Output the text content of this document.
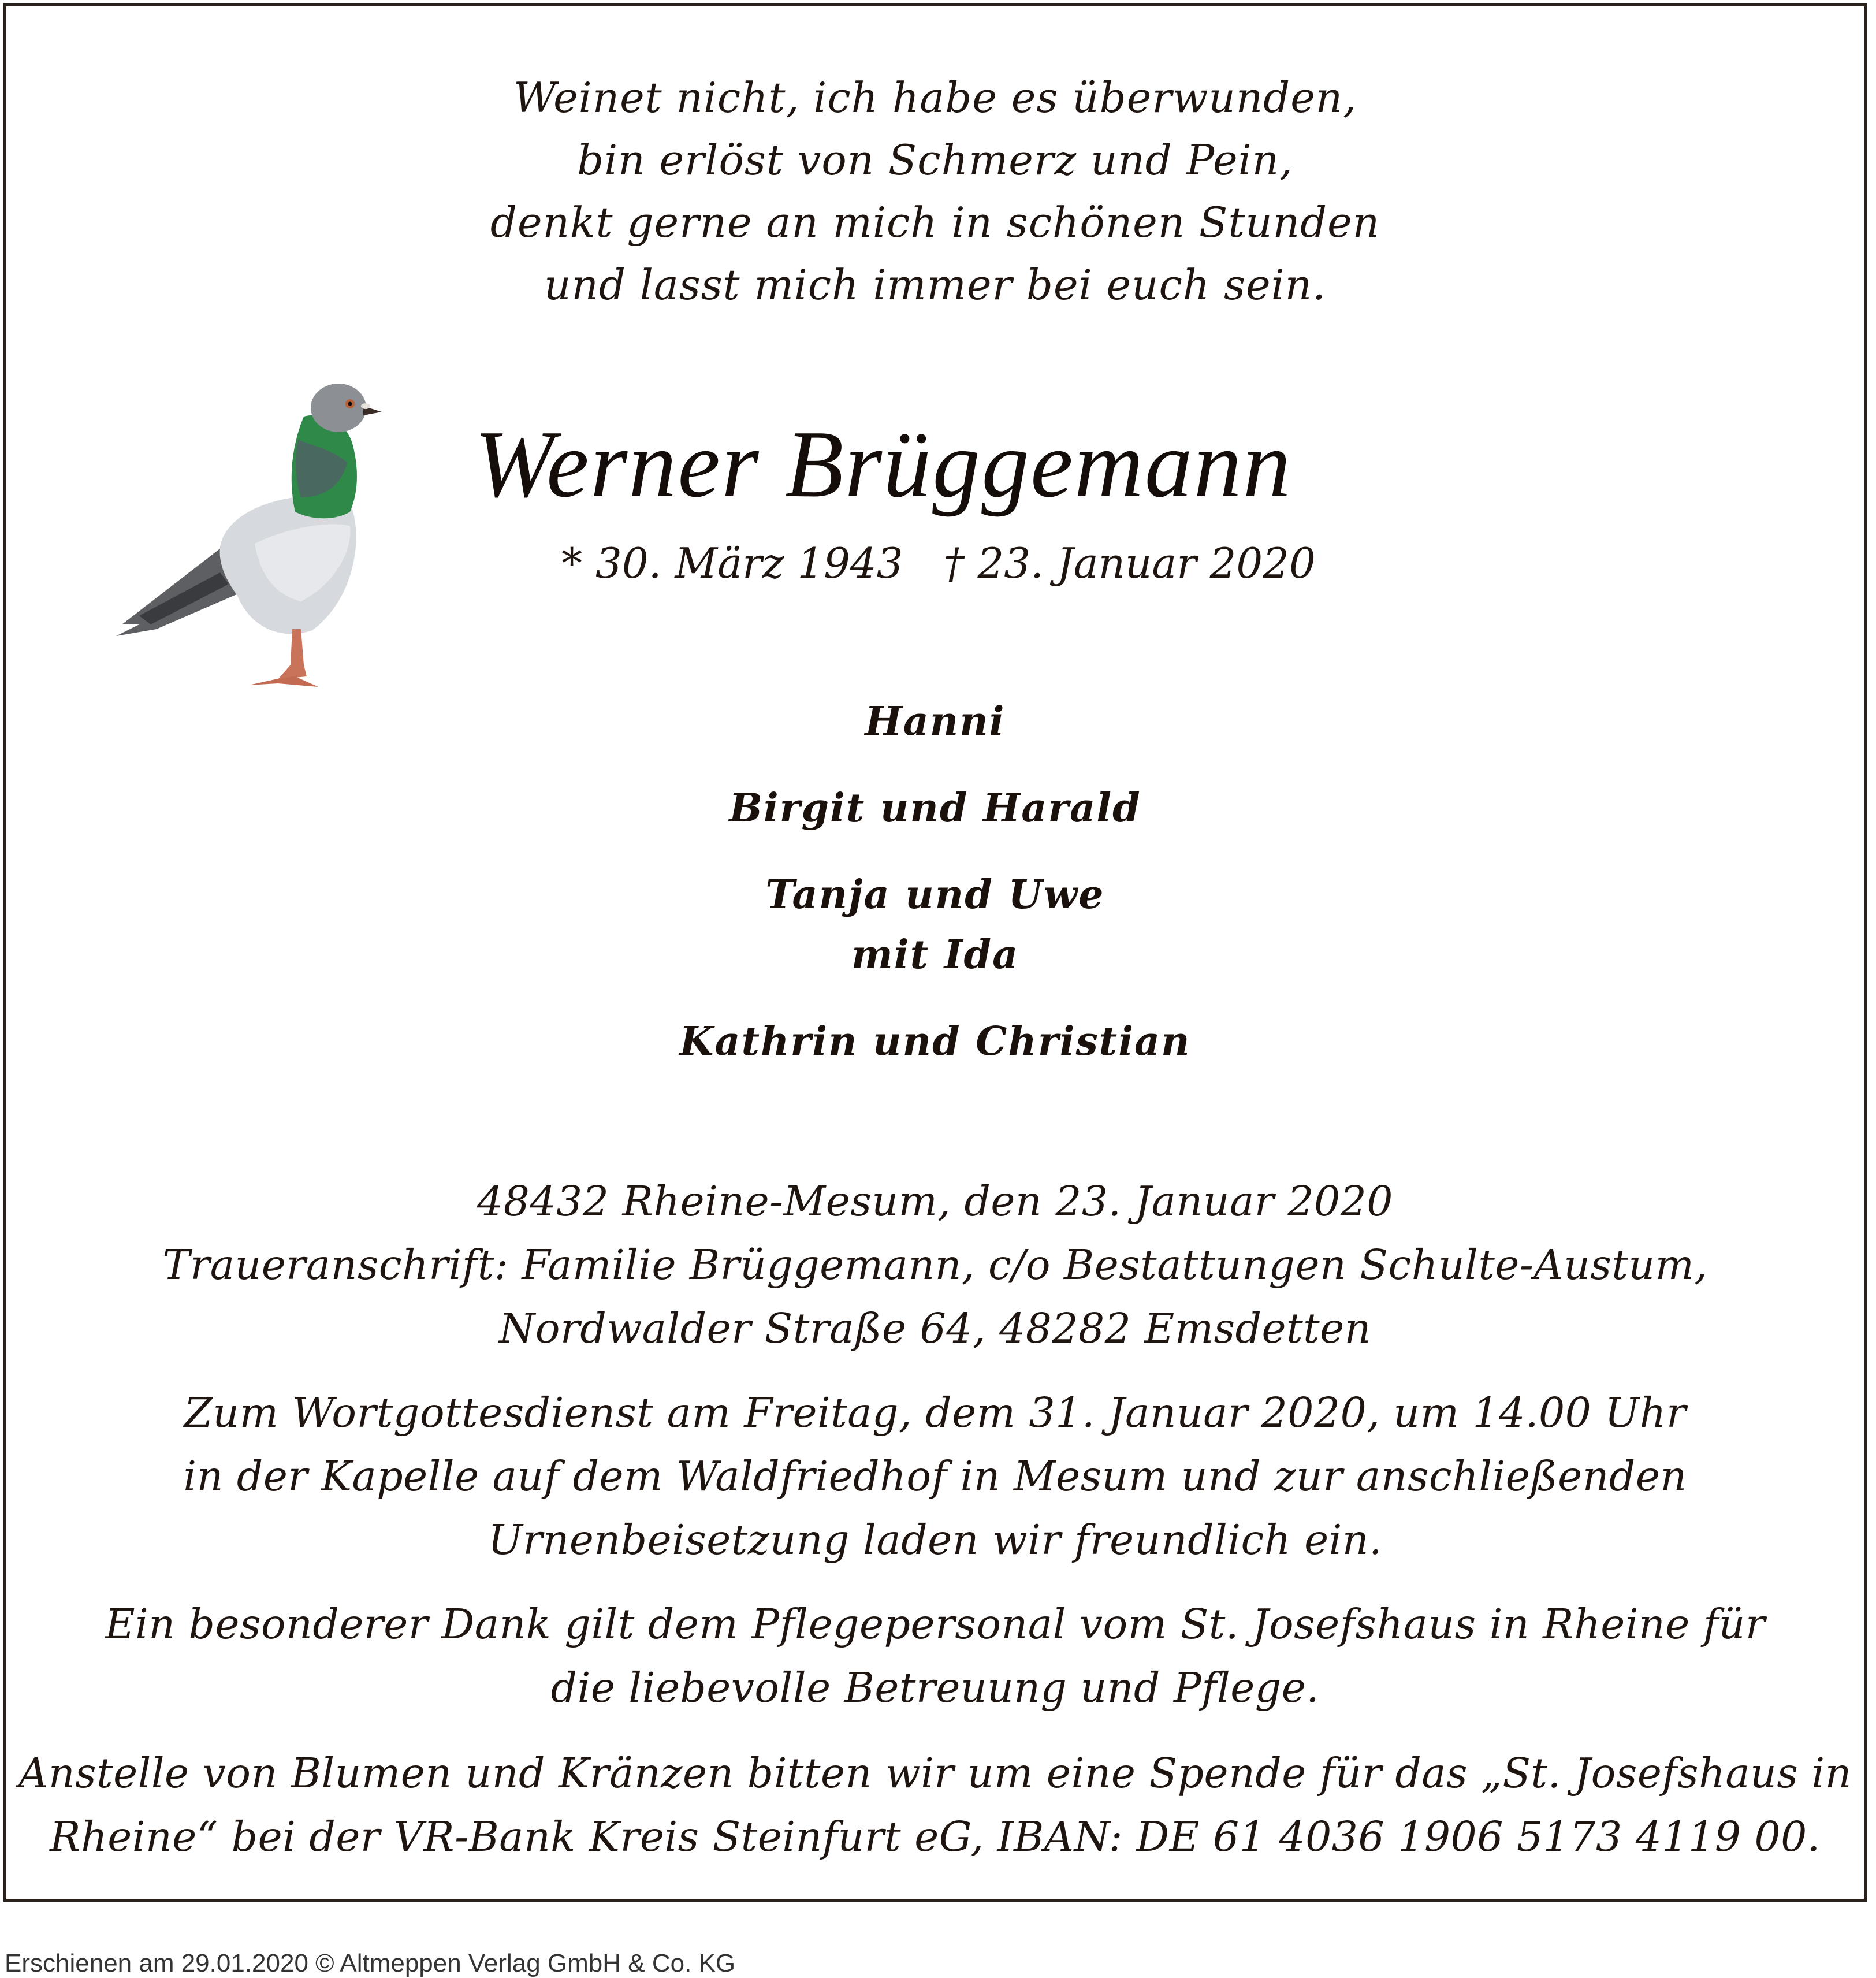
Weinet nicht, ich habe es überwunden,
bin erlöst von Schmerz und Pein,
denkt gerne an mich in schönen Stunden
und lasst mich immer bei euch sein.
Werner Brüggemann
* 30. März 1943 † 23. Januar 2020
Hanni
Birgit und Harald
Tanja und Uwe
mit Ida
Kathrin und Christian
48432 Rheine-Mesum, den 23. Januar 2020
Traueranschrift: Familie Brüggemann, c/o Bestattungen Schulte-Austum,
Nordwalder Straße 64, 48282 Emsdetten
Zum Wortgottesdienst am Freitag, dem 31. Januar 2020, um 14.00 Uhr
in der Kapelle auf dem Waldfriedhof in Mesum und zur anschließenden
Urnenbeisetzung laden wir freundlich ein.
Ein besonderer Dank gilt dem Pflegepersonal vom St. Josefshaus in Rheine für
die liebevolle Betreuung und Pflege.
Anstelle von Blumen und Kränzen bitten wir um eine Spende für das „St. Josefshaus in
Rheine“ bei der VR-Bank Kreis Steinfurt eG, IBAN: DE 61 4036 1906 5173 4119 00.
Erschienen am 29.01.2020 © Altmeppen Verlag GmbH & Co. KG
